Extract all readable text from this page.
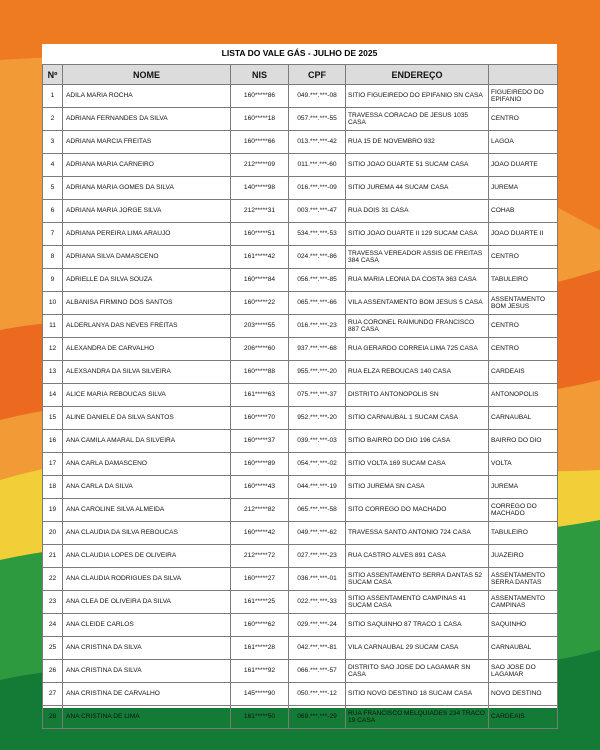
LISTA DO VALE GÁS - JULHO DE 2025
Nº	NOME	NIS	CPF	ENDEREÇO	
1	ADILA MARIA ROCHA	160*****86	049.***.***-08	SITIO FIGUEIREDO DO EPIFANIO SN CASA	FIGUEIREDO DO EPIFANIO
2	ADRIANA FERNANDES DA SILVA	160*****18	057.***.***-55	TRAVESSA CORACAO DE JESUS 1035 CASA	CENTRO
3	ADRIANA MARCIA FREITAS	160*****66	013.***.***-42	RUA 15 DE NOVEMBRO 932	LAGOA
4	ADRIANA MARIA CARNEIRO	212*****09	011.***.***-60	SITIO JOAO DUARTE 51 SUCAM CASA	JOAO DUARTE
5	ADRIANA MARIA GOMES DA SILVA	140*****98	016.***.***-09	SITIO JUREMA 44 SUCAM CASA	JUREMA
6	ADRIANA MARIA JORGE SILVA	212*****31	003.***.***-47	RUA DOIS 31 CASA	COHAB
7	ADRIANA PEREIRA LIMA ARAUJO	160*****51	534.***.***-53	SITIO JOAO DUARTE II 129 SUCAM CASA	JOAO DUARTE II
8	ADRIANA SILVA DAMASCENO	161*****42	024.***.***-86	TRAVESSA VEREADOR ASSIS DE FREITAS 384 CASA	CENTRO
9	ADRIELLE DA SILVA SOUZA	160*****84	056.***.***-85	RUA MARIA LEONIA DA COSTA 363 CASA	TABULEIRO
10	ALBANISA FIRMINO DOS SANTOS	160*****22	065.***.***-66	VILA ASSENTAMENTO BOM JESUS 5 CASA	ASSENTAMENTO BOM JESUS
11	ALDERLANYA DAS NEVES FREITAS	203*****55	016.***.***-23	RUA CORONEL RAIMUNDO FRANCISCO 887 CASA	CENTRO
12	ALEXANDRA DE CARVALHO	206*****60	937.***.***-68	RUA GERARDO CORREIA LIMA 725 CASA	CENTRO
13	ALEXSANDRA DA SILVA SILVEIRA	160*****88	955.***.***-20	RUA ELZA REBOUCAS 140 CASA	CARDEAIS
14	ALICE MARIA REBOUCAS SILVA	161*****63	075.***.***-37	DISTRITO ANTONOPOLIS SN	ANTONOPOLIS
15	ALINE DANIELE DA SILVA SANTOS	160*****70	952.***.***-20	SITIO CARNAUBAL 1 SUCAM CASA	CARNAUBAL
16	ANA CAMILA AMARAL DA SILVEIRA	160*****37	039.***.***-03	SITIO BAIRRO DO DIO 196 CASA	BAIRRO DO DIO
17	ANA CARLA DAMASCENO	160*****89	054.***.***-02	SITIO VOLTA 169 SUCAM CASA	VOLTA
18	ANA CARLA DA SILVA	160*****43	044.***.***-19	SITIO JUREMA SN CASA	JUREMA
19	ANA CAROLINE SILVA ALMEIDA	212*****82	065.***.***-58	SITO CORREGO DO MACHADO	CORREGO DO MACHADO
20	ANA CLAUDIA DA SILVA REBOUCAS	160*****42	049.***.***-62	TRAVESSA SANTO ANTONIO 724 CASA	TABULEIRO
21	ANA CLAUDIA LOPES DE OLIVEIRA	212*****72	027.***.***-23	RUA CASTRO ALVES 891 CASA	JUAZEIRO
22	ANA CLAUDIA RODRIGUES DA SILVA	160*****27	036.***.***-01	SITIO ASSENTAMENTO SERRA DANTAS 52 SUCAM CASA	ASSENTAMENTO SERRA DANTAS
23	ANA CLEA DE OLIVEIRA DA SILVA	161*****25	022.***.***-33	SITIO ASSENTAMENTO CAMPINAS 41 SUCAM CASA	ASSENTAMENTO CAMPINAS
24	ANA CLEIDE CARLOS	160*****62	029.***.***-24	SITIO SAQUINHO 87 TRACO 1 CASA	SAQUINHO
25	ANA CRISTINA DA SILVA	161*****28	042.***.***-81	VILA CARNAUBAL 29 SUCAM CASA	CARNAUBAL
26	ANA CRISTINA DA SILVA	161*****92	066.***.***-57	DISTRITO SAO JOSE DO LAGAMAR SN CASA	SAO JOSE DO LAGAMAR
27	ANA CRISTINA DE CARVALHO	145*****90	050.***.***-12	SITIO NOVO DESTINO 18 SUCAM CASA	NOVO DESTINO
28	ANA CRISTINA DE LIMA	161*****50	069.***.***-29	RUA FRANCISCO MELQUIADES 234 TRACO 19 CASA	CARDEAIS
